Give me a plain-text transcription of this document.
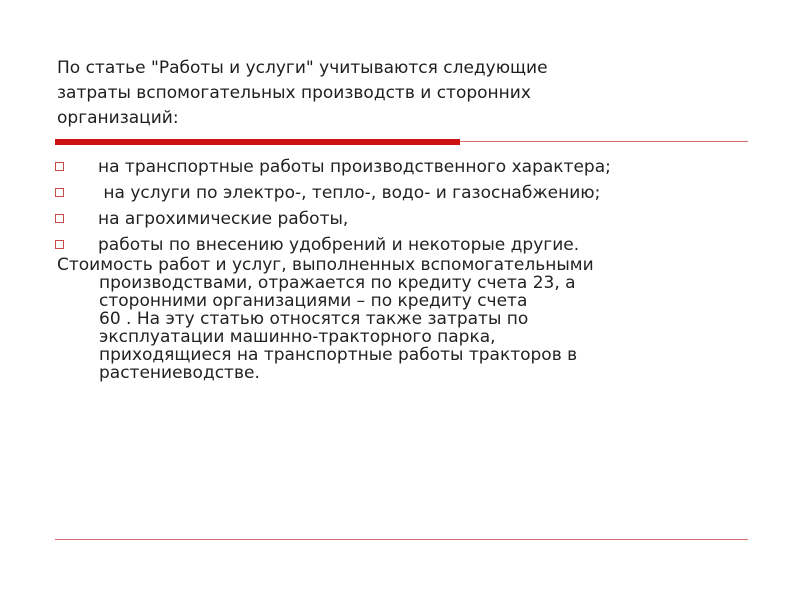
По статье "Работы и услуги" учитываются следующие
затраты вспомогательных производств и сторонних
организаций:

на транспортные работы производственного характера;

на услуги по электро-, тепло-, водо- и газоснабжению;

на агрохимические работы,

работы по внесению удобрений и некоторые другие.

Стоимость работ и услуг, выполненных вспомогательными
производствами, отражается по кредиту счета 23, а
сторонними организациями – по кредиту счета
60 . На эту статью относятся также затраты по
эксплуатации машинно-тракторного парка,
приходящиеся на транспортные работы тракторов в
растениеводстве.
